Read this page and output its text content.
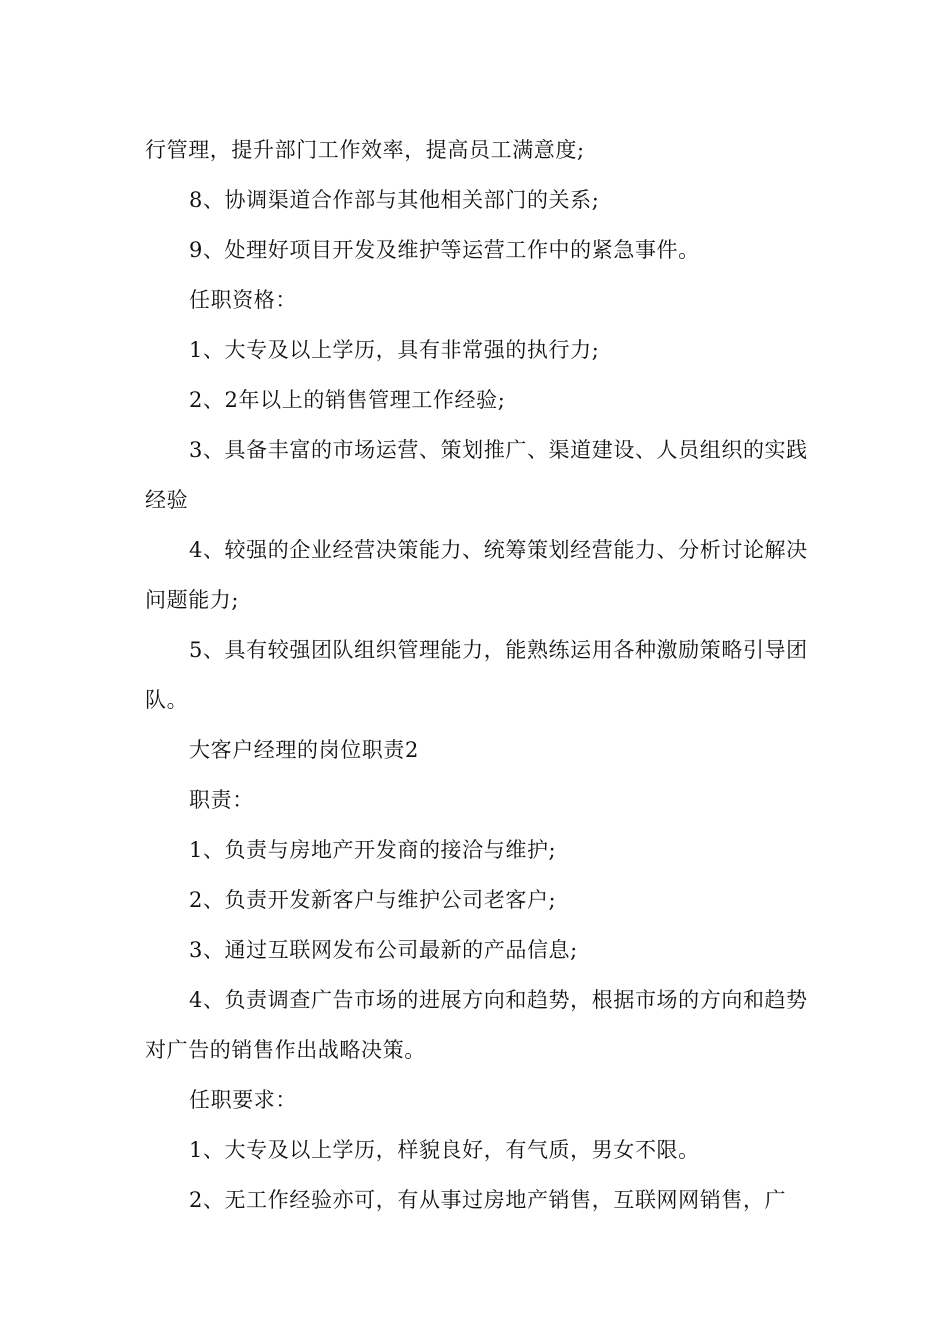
行管理，提升部门工作效率，提高员工满意度;

8、协调渠道合作部与其他相关部门的关系;

9、处理好项目开发及维护等运营工作中的紧急事件。

任职资格：

1、大专及以上学历，具有非常强的执行力;

2、2年以上的销售管理工作经验;

3、具备丰富的市场运营、策划推广、渠道建设、人员组织的实践经验

4、较强的企业经营决策能力、统筹策划经营能力、分析讨论解决问题能力;

5、具有较强团队组织管理能力，能熟练运用各种激励策略引导团队。

大客户经理的岗位职责2

职责：

1、负责与房地产开发商的接洽与维护;

2、负责开发新客户与维护公司老客户;

3、通过互联网发布公司最新的产品信息;

4、负责调查广告市场的进展方向和趋势，根据市场的方向和趋势对广告的销售作出战略决策。

任职要求：

1、大专及以上学历，样貌良好，有气质，男女不限。

2、无工作经验亦可，有从事过房地产销售，互联网网销售，广
